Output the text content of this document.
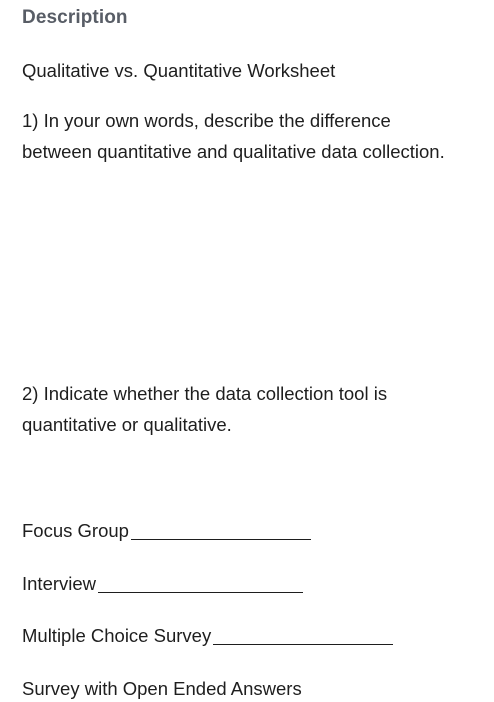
Description
Qualitative vs. Quantitative Worksheet
1) In your own words, describe the difference between quantitative and qualitative data collection.
2) Indicate whether the data collection tool is quantitative or qualitative.
Focus Group
Interview
Multiple Choice Survey
Survey with Open Ended Answers
